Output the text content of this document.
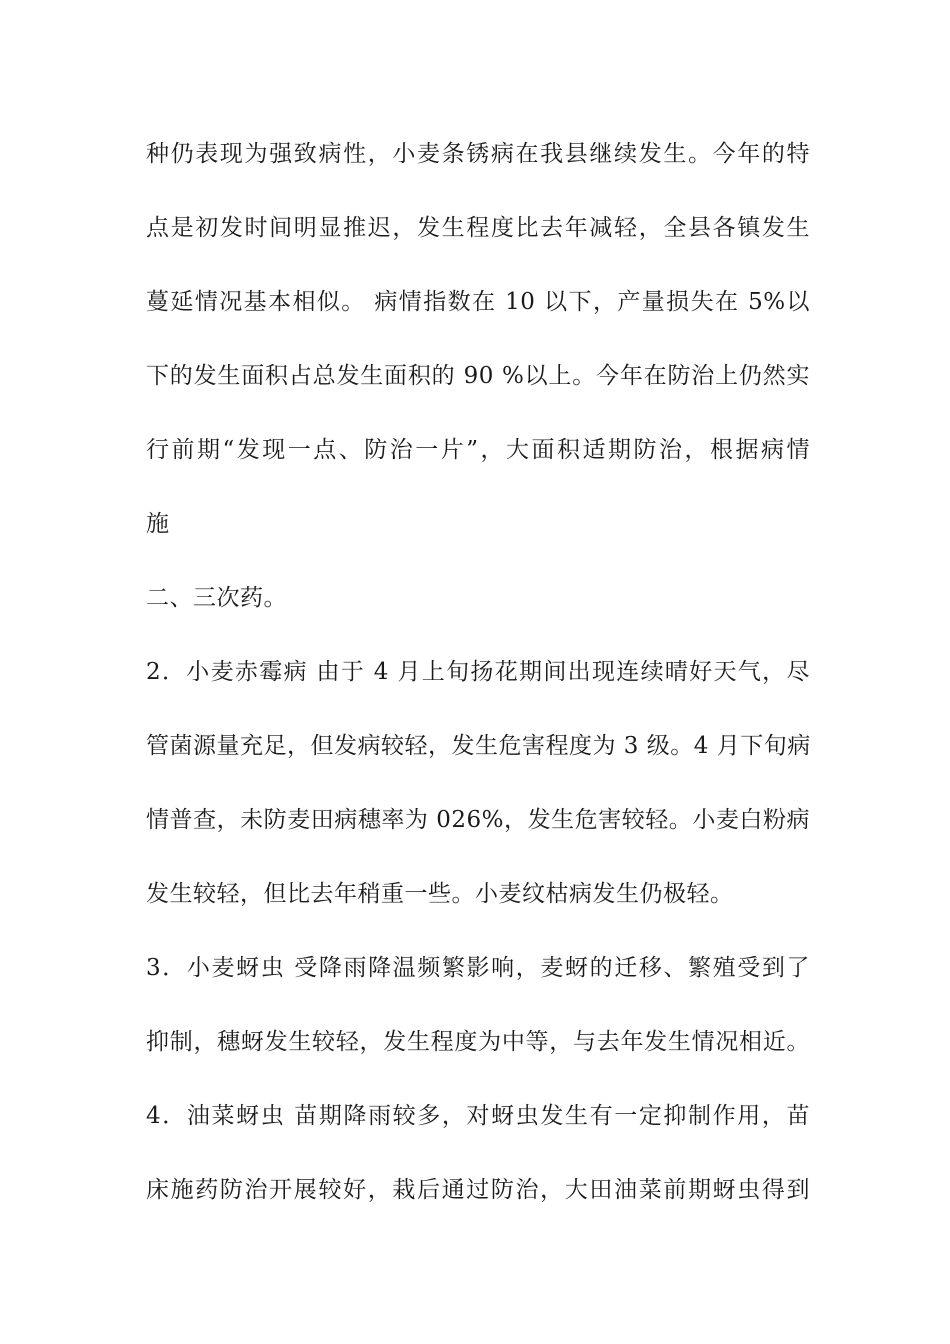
种仍表现为强致病性，小麦条锈病在我县继续发生。今年的特
点是初发时间明显推迟，发生程度比去年减轻，全县各镇发生
蔓延情况基本相似。 病情指数在 10 以下，产量损失在 5%以
下的发生面积占总发生面积的 90 %以上。今年在防治上仍然实
行前期“发现一点、防治一片”，大面积适期防治，根据病情
施
二、三次药。
2．小麦赤霉病 由于 4 月上旬扬花期间出现连续晴好天气，尽
管菌源量充足，但发病较轻，发生危害程度为 3 级。4 月下旬病
情普查，未防麦田病穗率为 026%，发生危害较轻。小麦白粉病
发生较轻，但比去年稍重一些。小麦纹枯病发生仍极轻。
3．小麦蚜虫 受降雨降温频繁影响，麦蚜的迁移、繁殖受到了
抑制，穗蚜发生较轻，发生程度为中等，与去年发生情况相近。
4．油菜蚜虫 苗期降雨较多，对蚜虫发生有一定抑制作用，苗
床施药防治开展较好，栽后通过防治，大田油菜前期蚜虫得到
